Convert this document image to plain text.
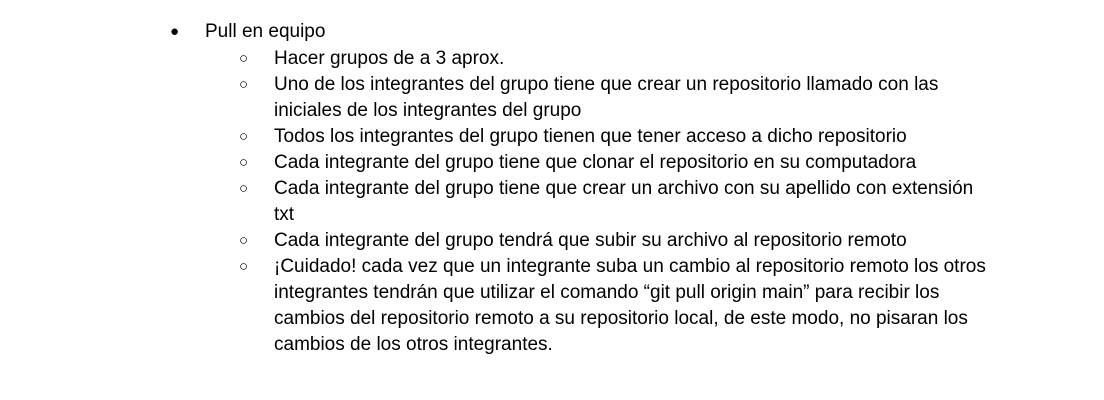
●	Pull en equipo
○ Hacer grupos de a 3 aprox.
○ Uno de los integrantes del grupo tiene que crear un repositorio llamado con las iniciales de los integrantes del grupo
○ Todos los integrantes del grupo tienen que tener acceso a dicho repositorio
○ Cada integrante del grupo tiene que clonar el repositorio en su computadora
○ Cada integrante del grupo tiene que crear un archivo con su apellido con extensión txt
○ Cada integrante del grupo tendrá que subir su archivo al repositorio remoto
○ ¡Cuidado! cada vez que un integrante suba un cambio al repositorio remoto los otros integrantes tendrán que utilizar el comando “git pull origin main” para recibir los cambios del repositorio remoto a su repositorio local, de este modo, no pisaran los cambios de los otros integrantes.
